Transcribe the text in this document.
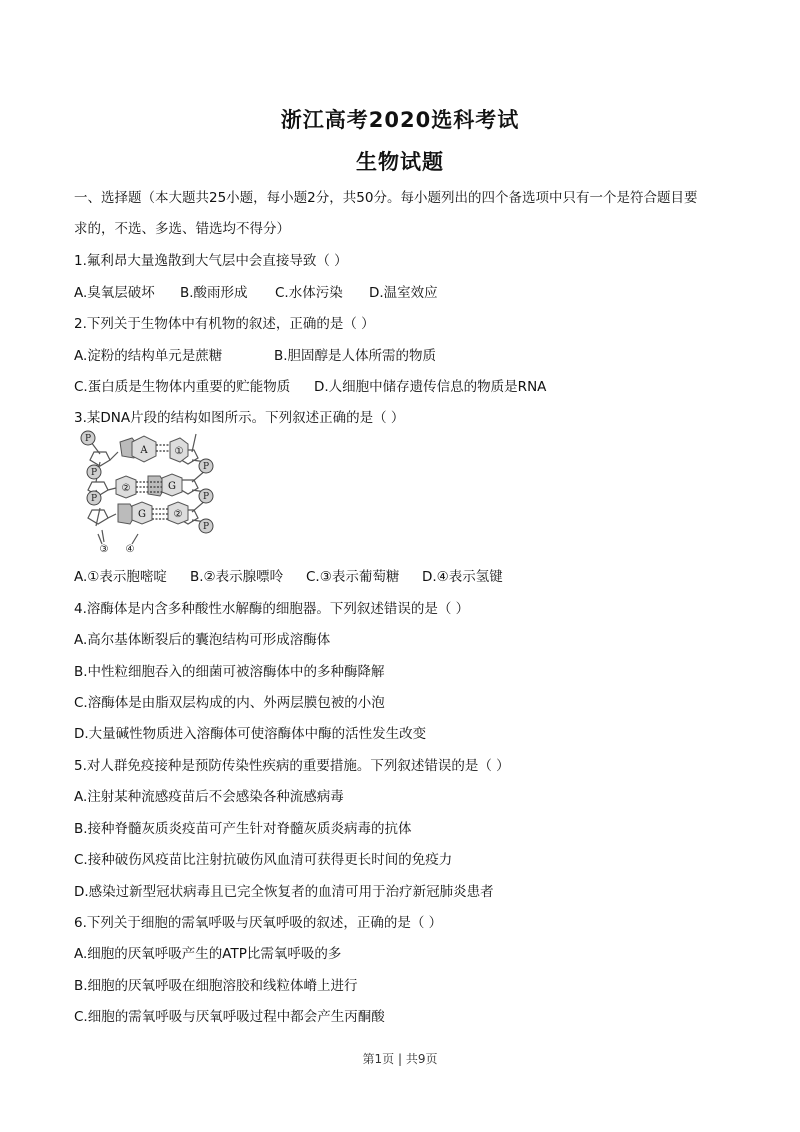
浙江高考2020选科考试
生物试题
一、选择题（本大题共25小题，每小题2分，共50分。每小题列出的四个备选项中只有一个是符合题目要
求的，不选、多选、错选均不得分）
1.氟利昂大量逸散到大气层中会直接导致（ ）
A.臭氧层破坏 B.酸雨形成 C.水体污染 D.温室效应
2.下列关于生物体中有机物的叙述，正确的是（ ）
A.淀粉的结构单元是蔗糖	B.胆固醇是人体所需的物质
C.蛋白质是生物体内重要的贮能物质 D.人细胞中储存遗传信息的物质是RNA
3.某DNA片段的结构如图所示。下列叙述正确的是（ ）
P
P
P
P
P
P
A	①
②	G
G	②
③ ④
A.①表示胞嘧啶 B.②表示腺嘌呤 C.③表示葡萄糖 D.④表示氢键
4.溶酶体是内含多种酸性水解酶的细胞器。下列叙述错误的是（ ）
A.高尔基体断裂后的囊泡结构可形成溶酶体
B.中性粒细胞吞入的细菌可被溶酶体中的多种酶降解
C.溶酶体是由脂双层构成的内、外两层膜包被的小泡
D.大量碱性物质进入溶酶体可使溶酶体中酶的活性发生改变
5.对人群免疫接种是预防传染性疾病的重要措施。下列叙述错误的是（ ）
A.注射某种流感疫苗后不会感染各种流感病毒
B.接种脊髓灰质炎疫苗可产生针对脊髓灰质炎病毒的抗体
C.接种破伤风疫苗比注射抗破伤风血清可获得更长时间的免疫力
D.感染过新型冠状病毒且已完全恢复者的血清可用于治疗新冠肺炎患者
6.下列关于细胞的需氧呼吸与厌氧呼吸的叙述，正确的是（ ）
A.细胞的厌氧呼吸产生的ATP比需氧呼吸的多
B.细胞的厌氧呼吸在细胞溶胶和线粒体嵴上进行
C.细胞的需氧呼吸与厌氧呼吸过程中都会产生丙酮酸
第1页 | 共9页
